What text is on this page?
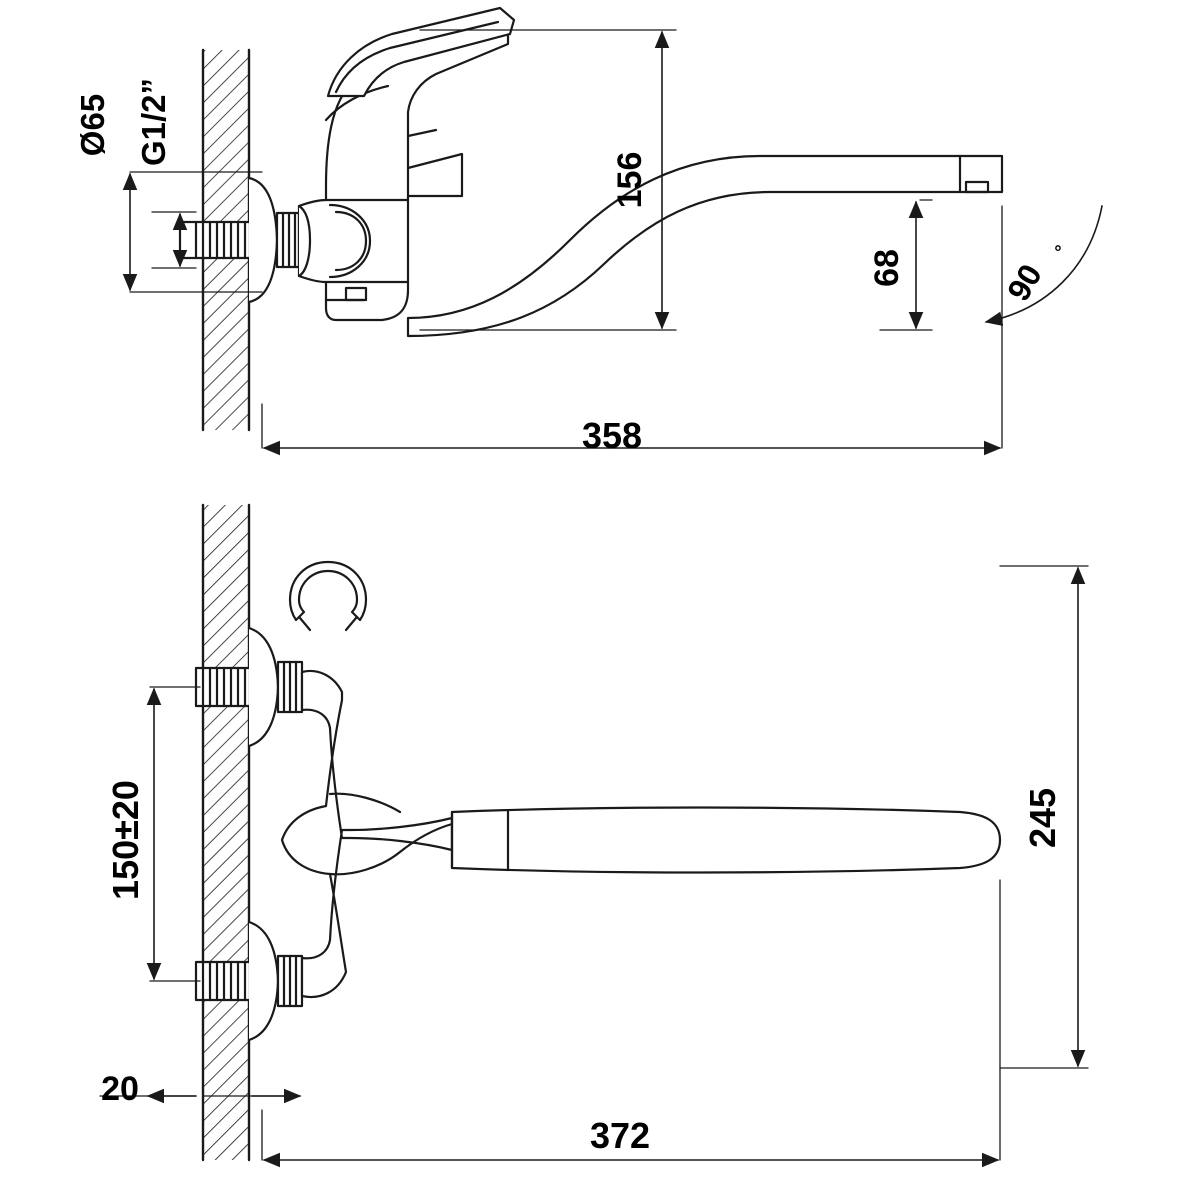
Ø65 G1/2”
156
68	90
°
358
150±20	245
20
372
